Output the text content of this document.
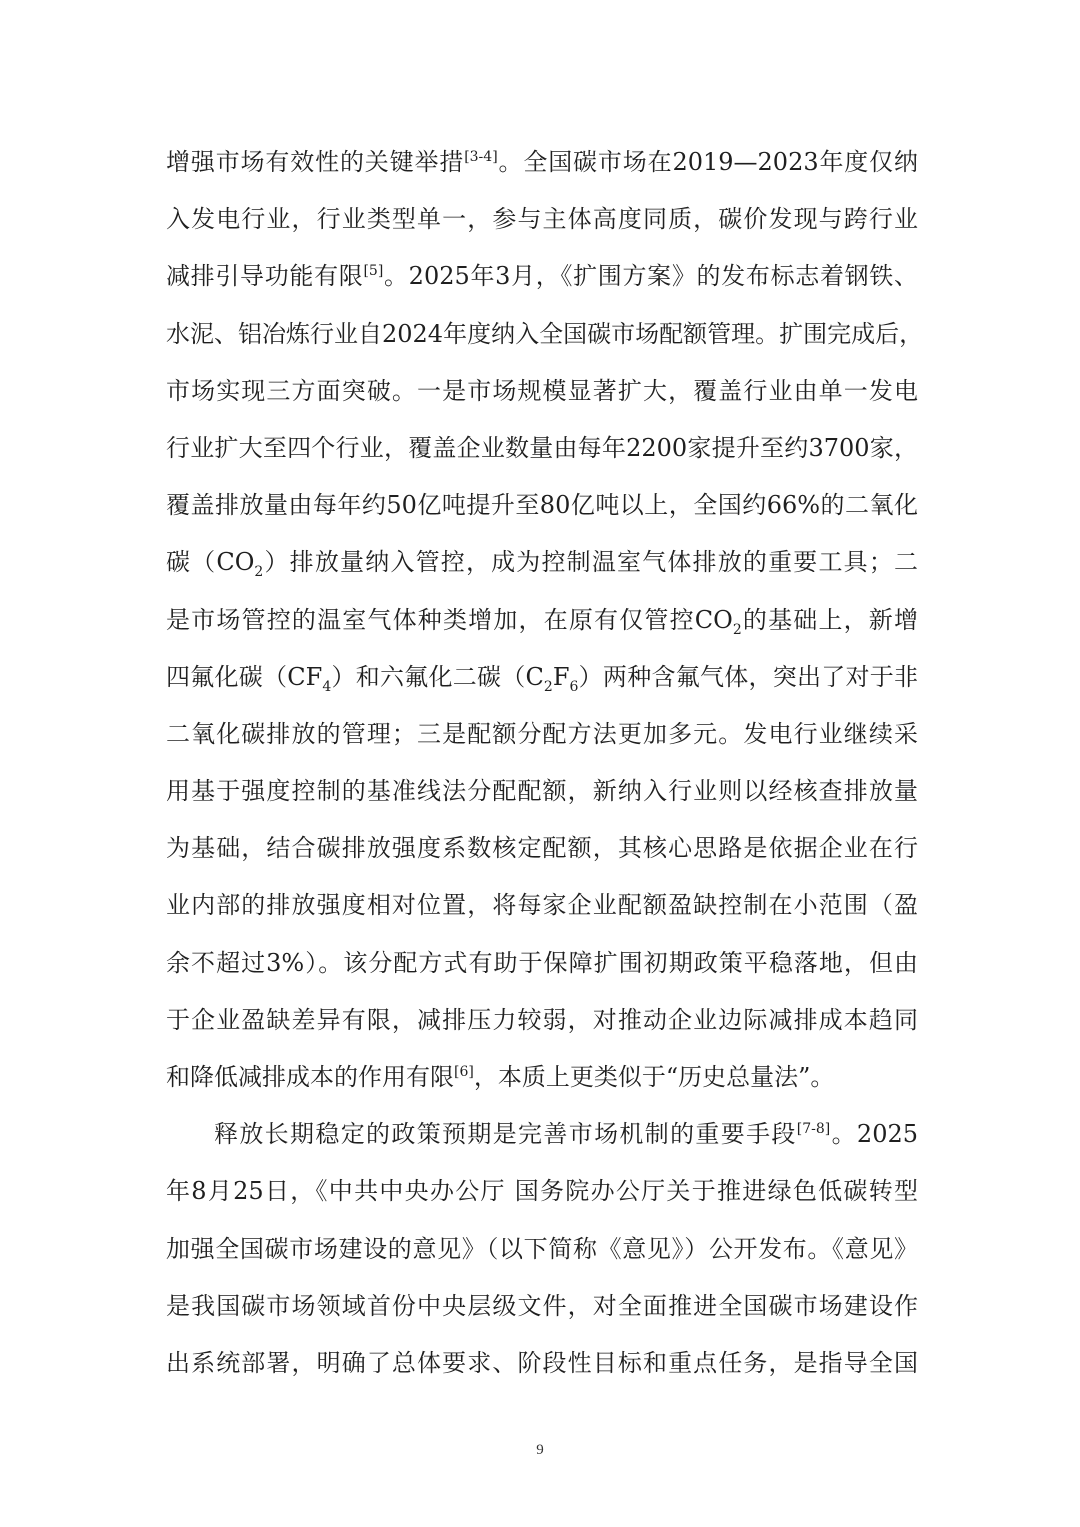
增强市场有效性的关键举措[3-4]。全国碳市场在2019—2023年度仅纳
入发电行业，行业类型单一，参与主体高度同质，碳价发现与跨行业
减排引导功能有限[5]。2025年3月，《扩围方案》的发布标志着钢铁、
水泥、铝冶炼行业自2024年度纳入全国碳市场配额管理。扩围完成后，
市场实现三方面突破。一是市场规模显著扩大，覆盖行业由单一发电
行业扩大至四个行业，覆盖企业数量由每年2200家提升至约3700家，
覆盖排放量由每年约50亿吨提升至80亿吨以上，全国约66%的二氧化
碳$(CO_2)$排放量纳入管控，成为控制温室气体排放的重要工具；二
是市场管控的温室气体种类增加，在原有仅管控$CO_2$的基础上，新增
四氟化碳$(CF_4)$和六氟化二碳$(C_2F_6)$两种含氟气体，突出了对于非
二氧化碳排放的管理；三是配额分配方法更加多元。发电行业继续采
用基于强度控制的基准线法分配配额，新纳入行业则以经核查排放量
为基础，结合碳排放强度系数核定配额，其核心思路是依据企业在行
业内部的排放强度相对位置，将每家企业配额盈缺控制在小范围（盈
余不超过3%）。该分配方式有助于保障扩围初期政策平稳落地，但由
于企业盈缺差异有限，减排压力较弱，对推动企业边际减排成本趋同
和降低减排成本的作用有限[6]，本质上更类似于“历史总量法”。
释放长期稳定的政策预期是完善市场机制的重要手段[7-8]。2025
年8月25日，《中共中央办公厅 国务院办公厅关于推进绿色低碳转型
加强全国碳市场建设的意见》（以下简称《意见》）公开发布。《意见》
是我国碳市场领域首份中央层级文件，对全面推进全国碳市场建设作
出系统部署，明确了总体要求、阶段性目标和重点任务，是指导全国
9
